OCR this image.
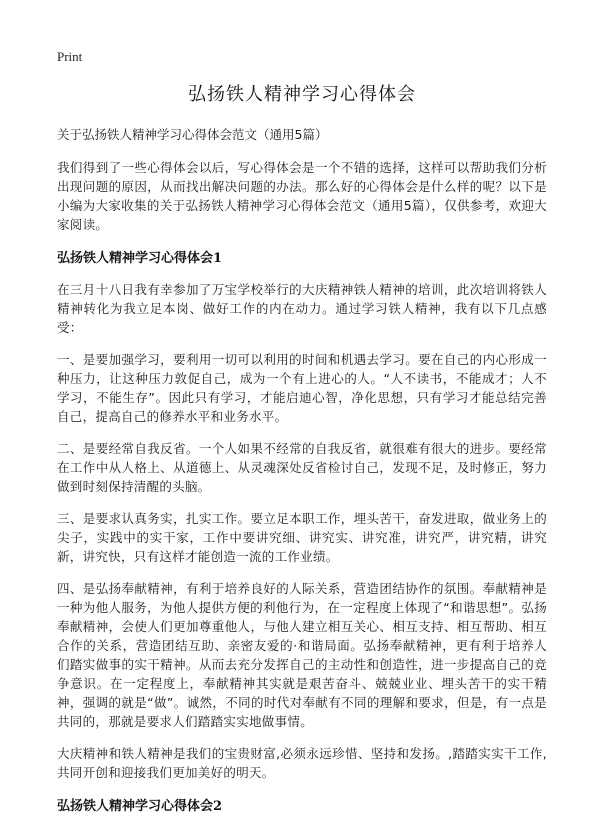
Print
弘扬铁人精神学习心得体会

关于弘扬铁人精神学习心得体会范文（通用5篇）

我们得到了一些心得体会以后，写心得体会是一个不错的选择，这样可以帮助我们分析出现问题的原因，从而找出解决问题的办法。那么好的心得体会是什么样的呢？以下是小编为大家收集的关于弘扬铁人精神学习心得体会范文（通用5篇），仅供参考，欢迎大家阅读。

弘扬铁人精神学习心得体会1

在三月十八日我有幸参加了万宝学校举行的大庆精神铁人精神的培训，此次培训将铁人精神转化为我立足本岗、做好工作的内在动力。通过学习铁人精神，我有以下几点感受：

一、是要加强学习，要利用一切可以利用的时间和机遇去学习。要在自己的内心形成一种压力，让这种压力敦促自己，成为一个有上进心的人。“人不读书，不能成才；人不学习，不能生存”。因此只有学习，才能启迪心智，净化思想，只有学习才能总结完善自己，提高自己的修养水平和业务水平。

二、是要经常自我反省。一个人如果不经常的自我反省，就很难有很大的进步。要经常在工作中从人格上、从道德上、从灵魂深处反省检讨自己，发现不足，及时修正，努力做到时刻保持清醒的头脑。

三、是要求认真务实，扎实工作。要立足本职工作，埋头苦干，奋发进取，做业务上的尖子，实践中的实干家，工作中要讲究细、讲究实、讲究准，讲究严，讲究精，讲究新，讲究快，只有这样才能创造一流的工作业绩。

四、是弘扬奉献精神，有利于培养良好的人际关系，营造团结协作的氛围。奉献精神是一种为他人服务，为他人提供方便的利他行为，在一定程度上体现了“和谐思想”。弘扬奉献精神，会使人们更加尊重他人，与他人建立相互关心、相互支持、相互帮助、相互合作的关系，营造团结互助、亲密友爱的·和谐局面。弘扬奉献精神，更有利于培养人们踏实做事的实干精神。从而去充分发挥自己的主动性和创造性，进一步提高自己的竞争意识。在一定程度上，奉献精神其实就是艰苦奋斗、兢兢业业、埋头苦干的实干精神，强调的就是“做”。诚然，不同的时代对奉献有不同的理解和要求，但是，有一点是共同的，那就是要求人们踏踏实实地做事情。

大庆精神和铁人精神是我们的宝贵财富,必须永远珍惜、坚持和发扬。,踏踏实实干工作,共同开创和迎接我们更加美好的明天。

弘扬铁人精神学习心得体会2
